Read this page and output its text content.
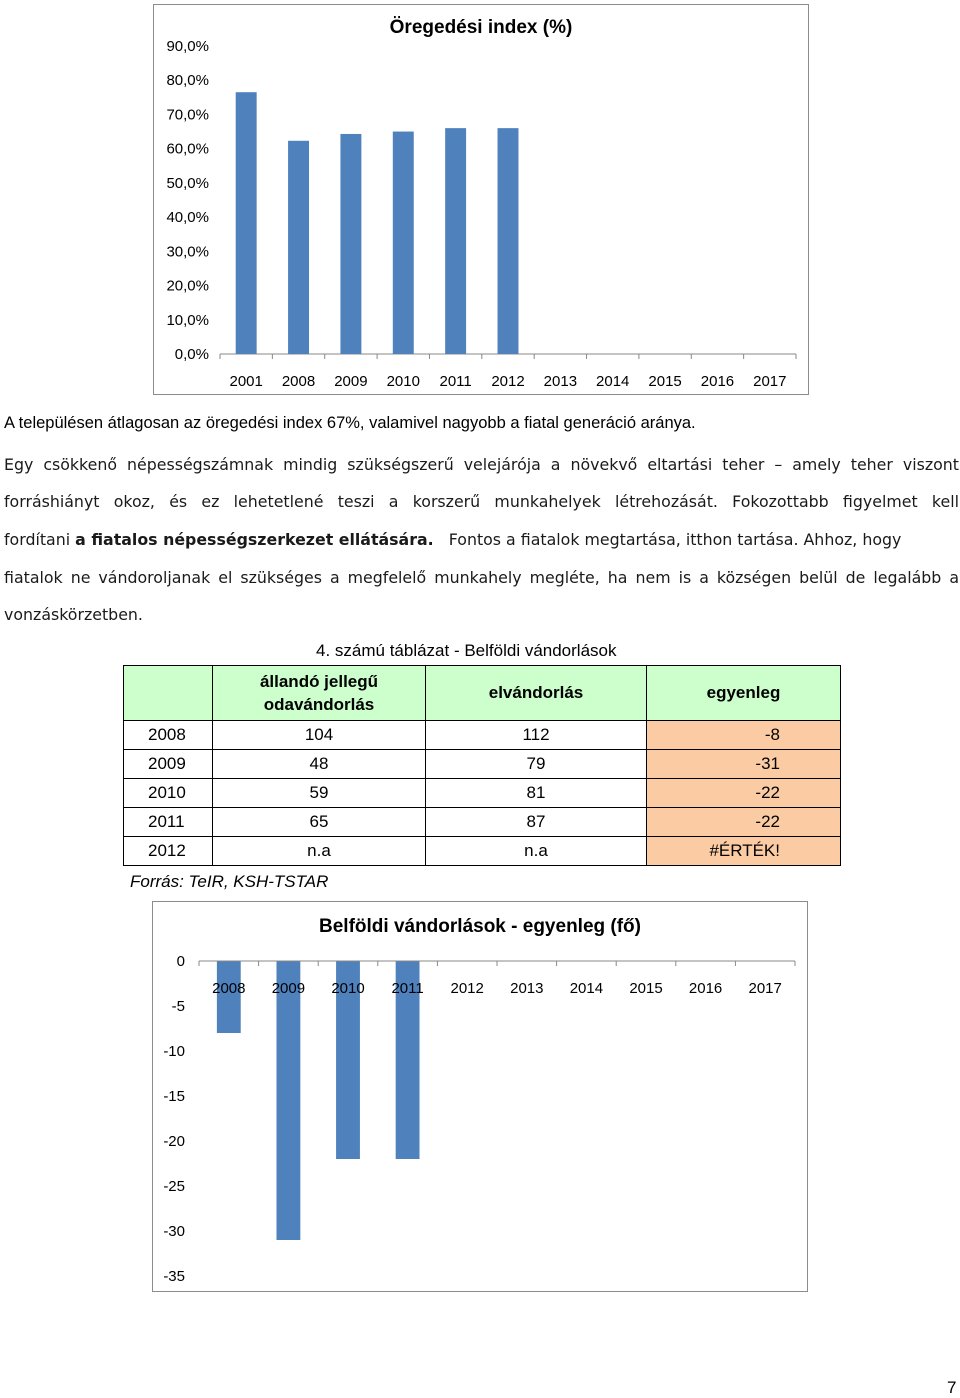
Öregedési index (%)
0,0%
10,0%
20,0%
30,0%
40,0%
50,0%
60,0%
70,0%
80,0%
90,0%
2001 2008 2009 2010 2011 2012 2013 2014 2015 2016 2017
A településen átlagosan az öregedési index 67%, valamivel nagyobb a fiatal generáció aránya.
Egy csökkenő népességszámnak mindig szükségszerű velejárója a növekvő eltartási teher – amely teher viszont
forráshiányt okoz, és ez lehetetlené teszi a korszerű munkahelyek létrehozását. Fokozottabb figyelmet kell
fordítani a fiatalos népességszerkezet ellátására. Fontos a fiatalok megtartása, itthon tartása. Ahhoz, hogy
fiatalok ne vándoroljanak el szükséges a megfelelő munkahely megléte, ha nem is a községen belül de legalább a
vonzáskörzetben.
4. számú táblázat - Belföldi vándorlások
	állandó jellegű odavándorlás	elvándorlás	egyenleg
2008	104	112	-8
2009	48	79	-31
2010	59	81	-22
2011	65	87	-22
2012	n.a	n.a	#ÉRTÉK!
Forrás: TeIR, KSH-TSTAR
Belföldi vándorlások - egyenleg (fő)
0
-5
-10
-15
-20
-25
-30
-35
2008 2009 2010 2011 2012 2013 2014 2015 2016 2017
7
